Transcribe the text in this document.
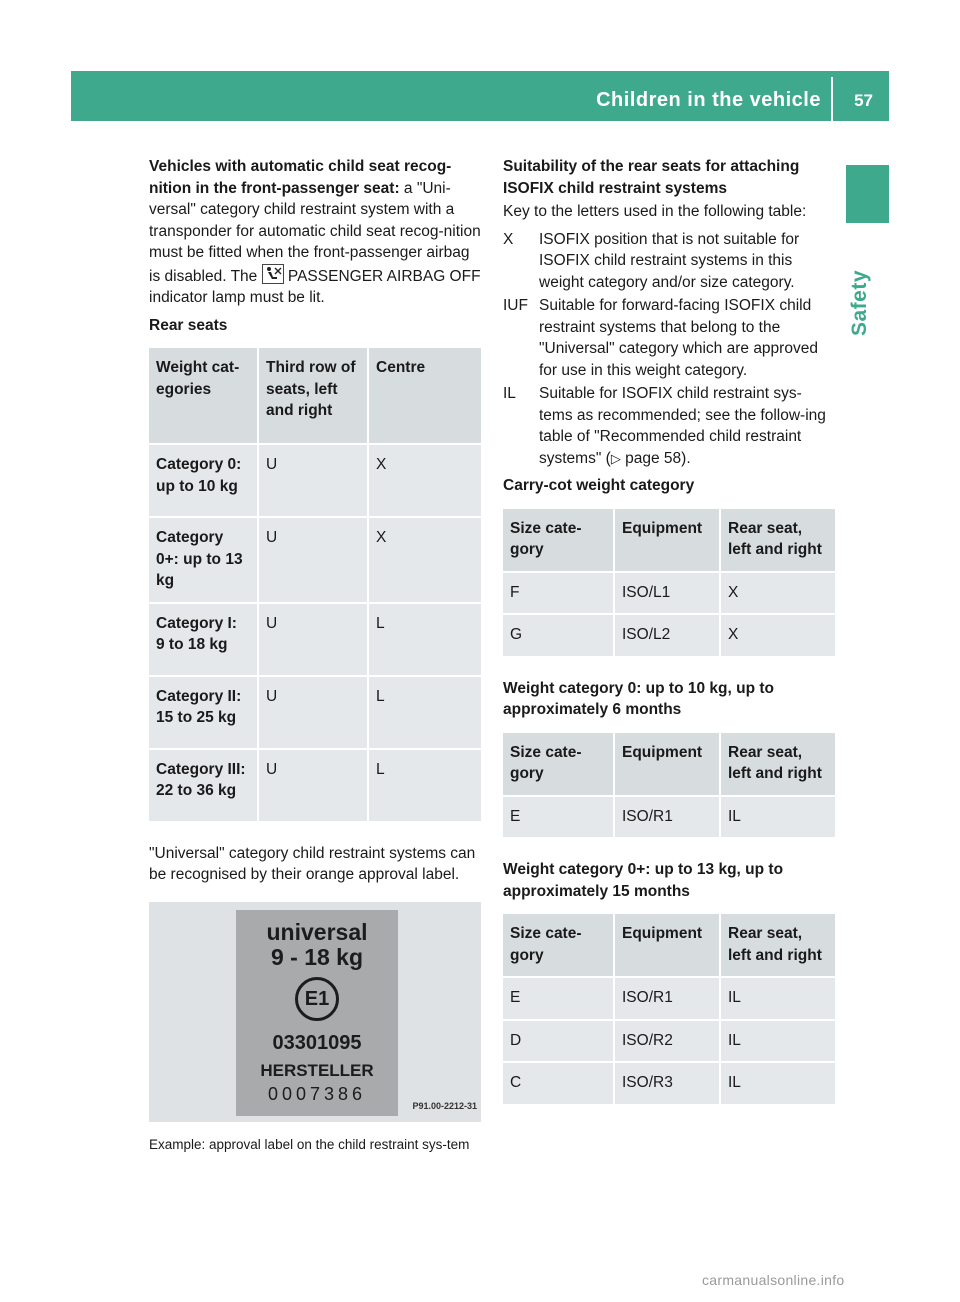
Children in the vehicle 57
Safety

Vehicles with automatic child seat recog-nition in the front-passenger seat: a "Uni-versal" category child restraint system with a transponder for automatic child seat recog-nition must be fitted when the front-passenger airbag is disabled. The  PASSENGER AIRBAG OFF indicator lamp must be lit.

Rear seats

Weight cat-egories	Third row of seats, left and right	Centre
Category 0: up to 10 kg	U	X
Category 0+: up to 13 kg	U	X
Category I: 9 to 18 kg	U	L
Category II: 15 to 25 kg	U	L
Category III: 22 to 36 kg	U	L

"Universal" category child restraint systems can be recognised by their orange approval label.

universal
9 - 18 kg
E1
03301095
HERSTELLER
0007386
P91.00-2212-31

Example: approval label on the child restraint sys-tem

Suitability of the rear seats for attaching ISOFIX child restraint systems

Key to the letters used in the following table:

X	ISOFIX position that is not suitable for ISOFIX child restraint systems in this weight category and/or size category.
IUF Suitable for forward-facing ISOFIX child restraint systems that belong to the "Universal" category which are approved for use in this weight category.
IL	Suitable for ISOFIX child restraint sys-tems as recommended; see the follow-ing table of "Recommended child restraint systems" (▷ page 58).

Carry-cot weight category

Size cate-gory	Equipment	Rear seat, left and right
F	ISO/L1	X
G	ISO/L2	X

Weight category 0: up to 10 kg, up to approximately 6 months

Size cate-gory	Equipment	Rear seat, left and right
E	ISO/R1	IL

Weight category 0+: up to 13 kg, up to approximately 15 months

Size cate-gory	Equipment	Rear seat, left and right
E	ISO/R1	IL
D	ISO/R2	IL
C	ISO/R3	IL
carmanualsonline.info
